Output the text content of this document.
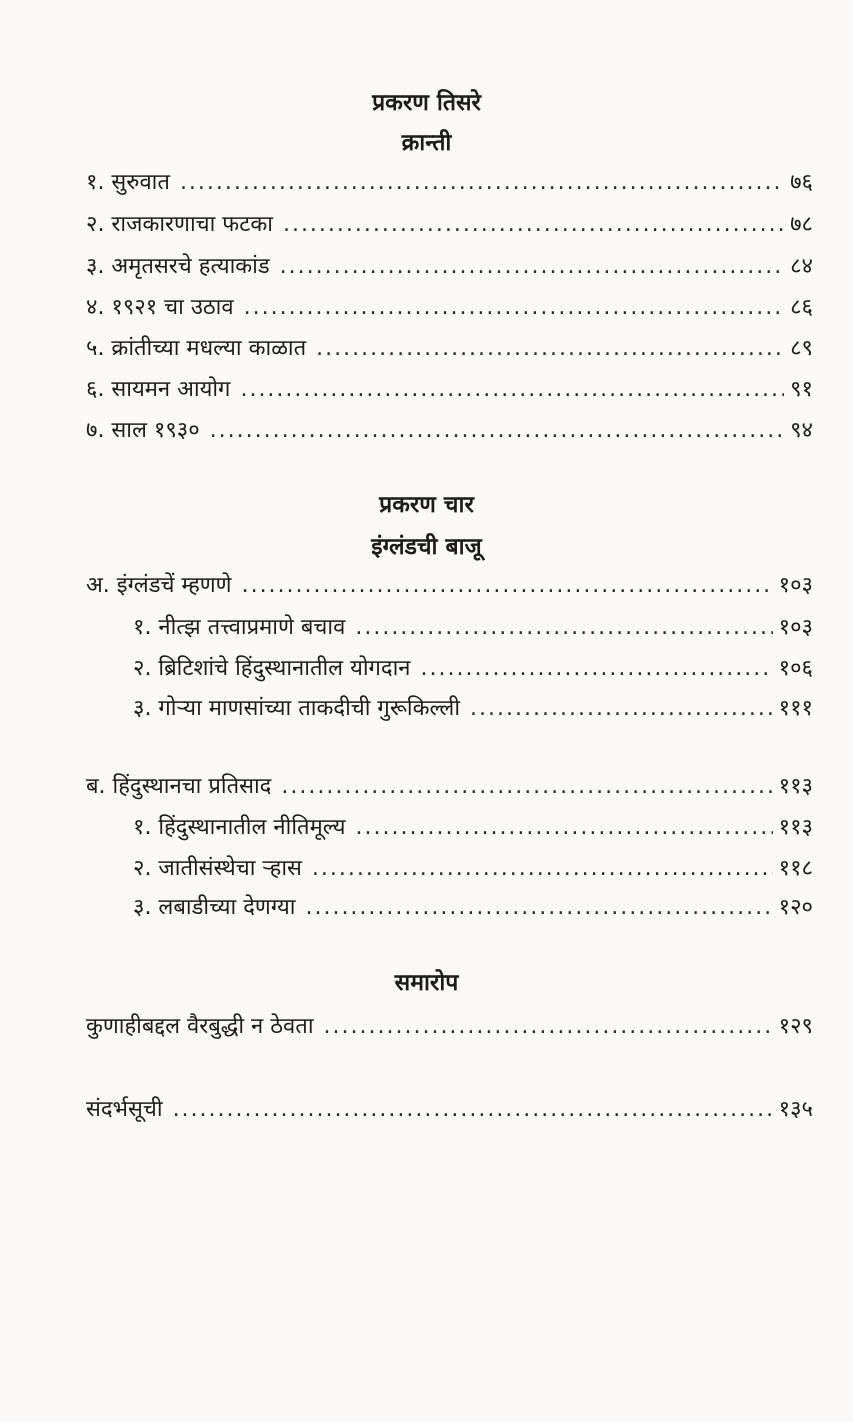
प्रकरण तिसरे
क्रान्ती
१. सुरुवात .....	७६
२. राजकारणाचा फटका .....	७८
३. अमृतसरचे हत्याकांड .....	८४
४. १९२१ चा उठाव .....	८६
५. क्रांतीच्या मधल्या काळात .....	८९
६. सायमन आयोग .....	९१
७. साल १९३० .....	९४
प्रकरण चार
इंग्लंडची बाजू
अ. इंग्लंडचें म्हणणे .....	१०३
१. नीत्झ तत्त्वाप्रमाणे बचाव .....	१०३
२. ब्रिटिशांचे हिंदुस्थानातील योगदान .....	१०६
३. गोऱ्या माणसांच्या ताकदीची गुरूकिल्ली .....	१११
ब. हिंदुस्थानचा प्रतिसाद .....	११३
१. हिंदुस्थानातील नीतिमूल्य .....	११३
२. जातीसंस्थेचा ऱ्हास .....	११८
३. लबाडीच्या देणग्या .....	१२०
समारोप
कुणाहीबद्दल वैरबुद्धी न ठेवता .....	१२९
संदर्भसूची .....	१३५
